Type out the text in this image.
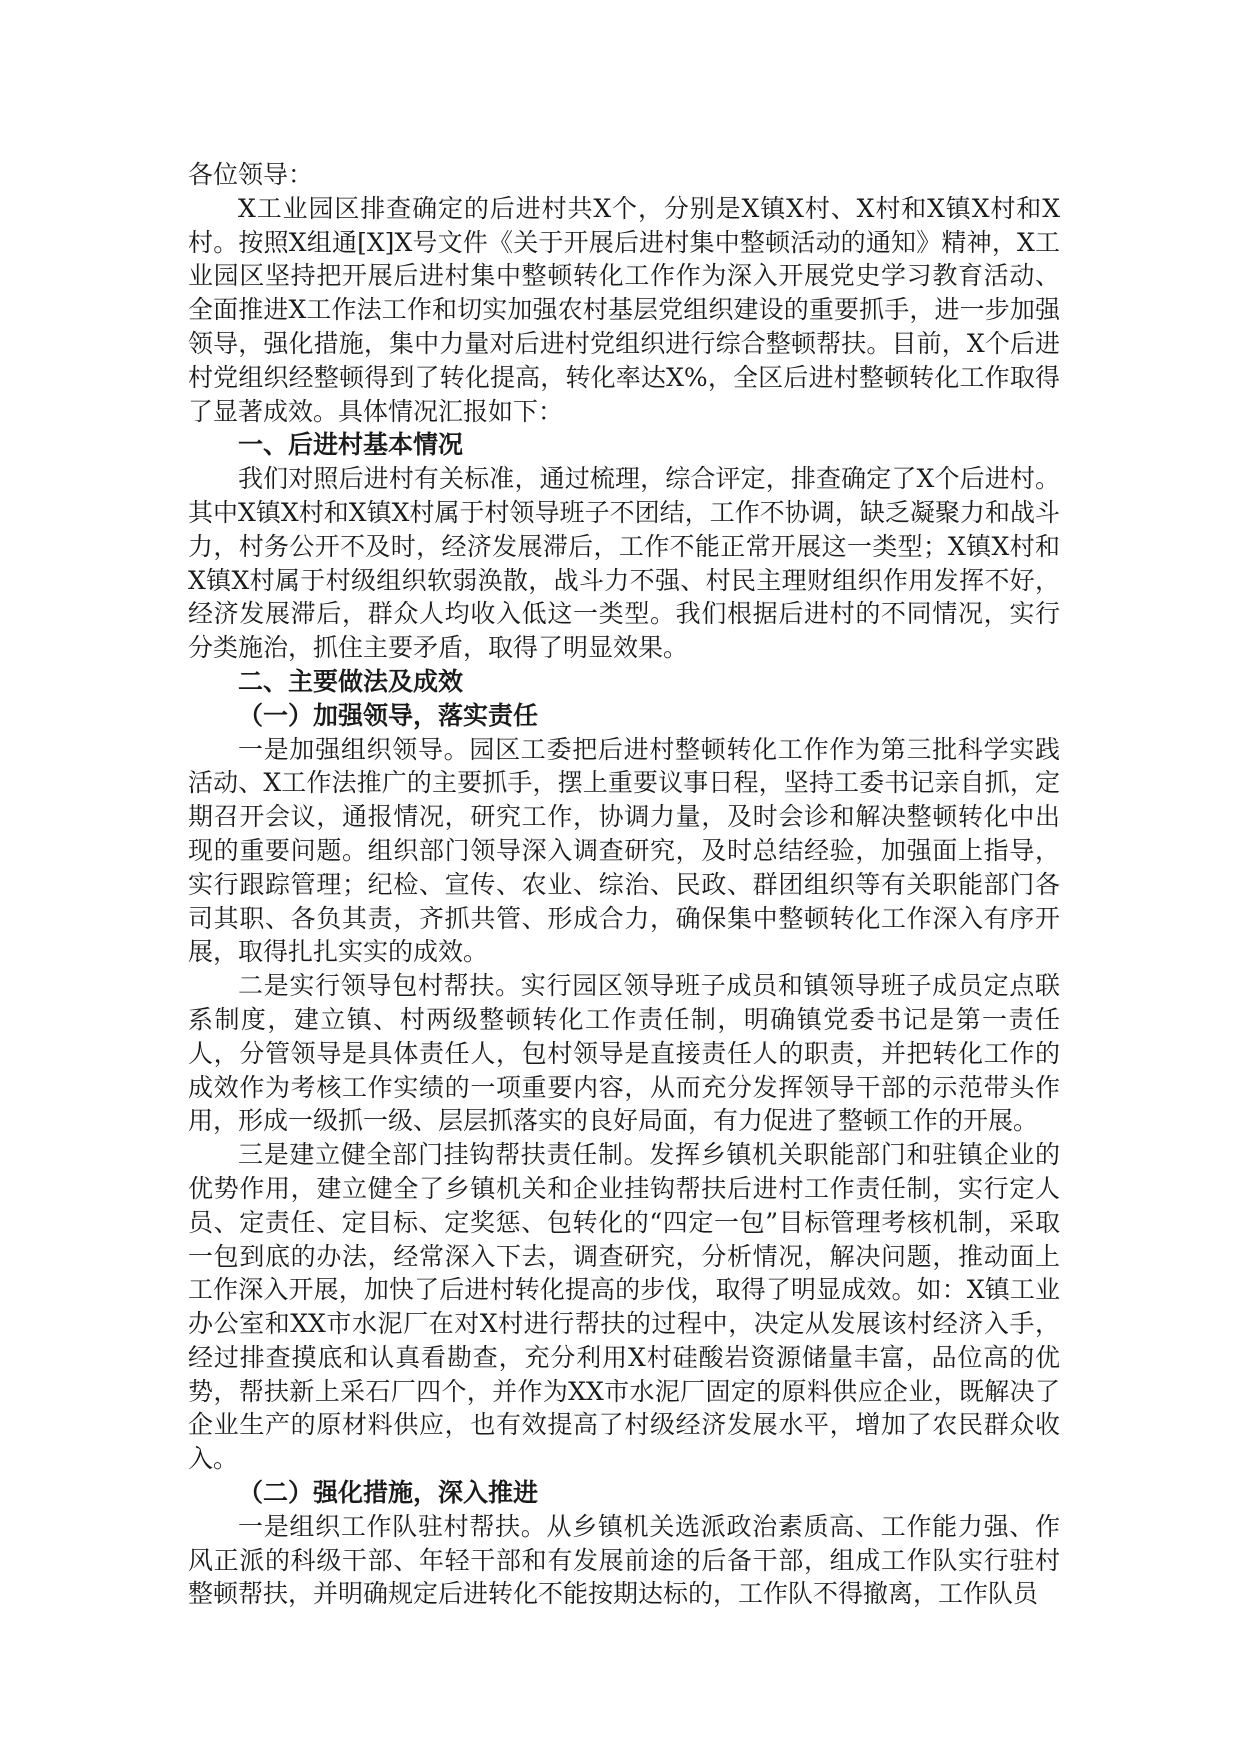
各位领导：

X工业园区排查确定的后进村共X个，分别是X镇X村、X村和X镇X村和X村。按照X组通[X]X号文件《关于开展后进村集中整顿活动的通知》精神，X工业园区坚持把开展后进村集中整顿转化工作作为深入开展党史学习教育活动、全面推进X工作法工作和切实加强农村基层党组织建设的重要抓手，进一步加强领导，强化措施，集中力量对后进村党组织进行综合整顿帮扶。目前，X个后进村党组织经整顿得到了转化提高，转化率达X%，全区后进村整顿转化工作取得了显著成效。具体情况汇报如下：

一、后进村基本情况

我们对照后进村有关标准，通过梳理，综合评定，排查确定了X个后进村。其中X镇X村和X镇X村属于村领导班子不团结，工作不协调，缺乏凝聚力和战斗力，村务公开不及时，经济发展滞后，工作不能正常开展这一类型；X镇X村和X镇X村属于村级组织软弱涣散，战斗力不强、村民主理财组织作用发挥不好，经济发展滞后，群众人均收入低这一类型。我们根据后进村的不同情况，实行分类施治，抓住主要矛盾，取得了明显效果。

二、主要做法及成效

（一）加强领导，落实责任

一是加强组织领导。园区工委把后进村整顿转化工作作为第三批科学实践活动、X工作法推广的主要抓手，摆上重要议事日程，坚持工委书记亲自抓，定期召开会议，通报情况，研究工作，协调力量，及时会诊和解决整顿转化中出现的重要问题。组织部门领导深入调查研究，及时总结经验，加强面上指导，实行跟踪管理；纪检、宣传、农业、综治、民政、群团组织等有关职能部门各司其职、各负其责，齐抓共管、形成合力，确保集中整顿转化工作深入有序开展，取得扎扎实实的成效。

二是实行领导包村帮扶。实行园区领导班子成员和镇领导班子成员定点联系制度，建立镇、村两级整顿转化工作责任制，明确镇党委书记是第一责任人，分管领导是具体责任人，包村领导是直接责任人的职责，并把转化工作的成效作为考核工作实绩的一项重要内容，从而充分发挥领导干部的示范带头作用，形成一级抓一级、层层抓落实的良好局面，有力促进了整顿工作的开展。

三是建立健全部门挂钩帮扶责任制。发挥乡镇机关职能部门和驻镇企业的优势作用，建立健全了乡镇机关和企业挂钩帮扶后进村工作责任制，实行定人员、定责任、定目标、定奖惩、包转化的“四定一包”目标管理考核机制，采取一包到底的办法，经常深入下去，调查研究，分析情况，解决问题，推动面上工作深入开展，加快了后进村转化提高的步伐，取得了明显成效。如：X镇工业办公室和XX市水泥厂在对X村进行帮扶的过程中，决定从发展该村经济入手，经过排查摸底和认真看勘查，充分利用X村硅酸岩资源储量丰富，品位高的优势，帮扶新上采石厂四个，并作为XX市水泥厂固定的原料供应企业，既解决了企业生产的原材料供应，也有效提高了村级经济发展水平，增加了农民群众收入。

（二）强化措施，深入推进

一是组织工作队驻村帮扶。从乡镇机关选派政治素质高、工作能力强、作风正派的科级干部、年轻干部和有发展前途的后备干部，组成工作队实行驻村整顿帮扶，并明确规定后进转化不能按期达标的，工作队不得撤离，工作队员
